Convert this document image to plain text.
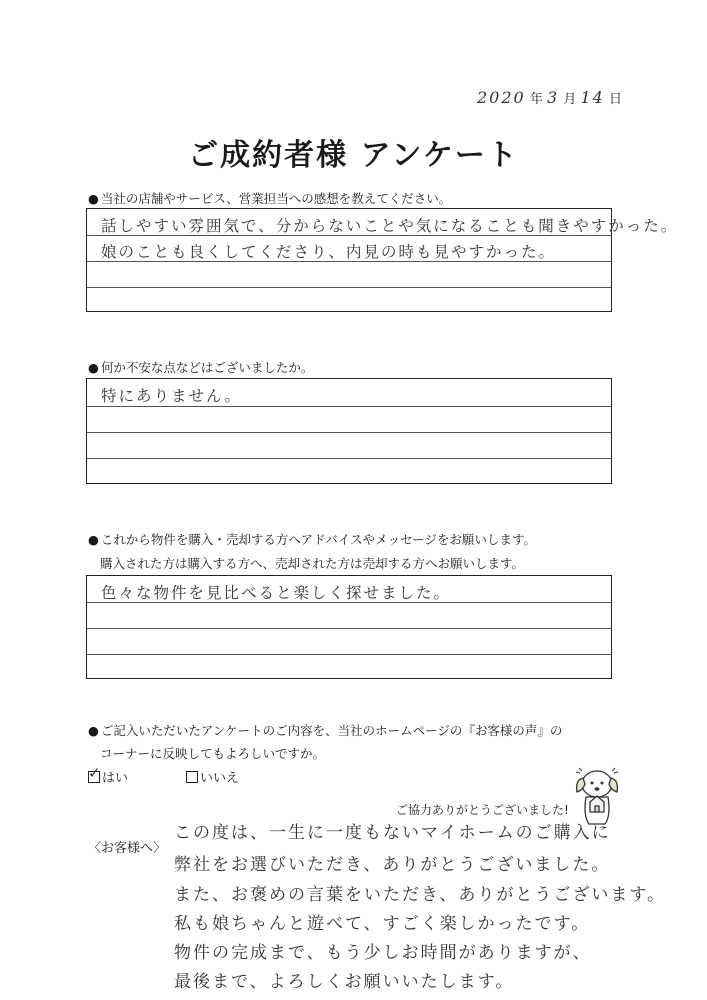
2020 年 3 月 14 日
ご成約者様 アンケート
● 当社の店舗やサービス、営業担当への感想を教えてください。
話しやすい雰囲気で、分からないことや気になることも聞きやすかった。
娘のことも良くしてくださり、内見の時も見やすかった。
● 何か不安な点などはございましたか。
特にありません。
● これから物件を購入・売却する方へアドバイスやメッセージをお願いします。
購入された方は購入する方へ、売却された方は売却する方へお願いします。
色々な物件を見比べると楽しく探せました。
● ご記入いただいたアンケートのご内容を、当社のホームページの『お客様の声』の
コーナーに反映してもよろしいですか。
✓ はい	いいえ
ご協力ありがとうございました!
〈お客様へ〉
この度は、一生に一度もないマイホームのご購入に
弊社をお選びいただき、ありがとうございました。
また、お褒めの言葉をいただき、ありがとうございます。
私も娘ちゃんと遊べて、すごく楽しかったです。
物件の完成まで、もう少しお時間がありますが、
最後まで、よろしくお願いいたします。
